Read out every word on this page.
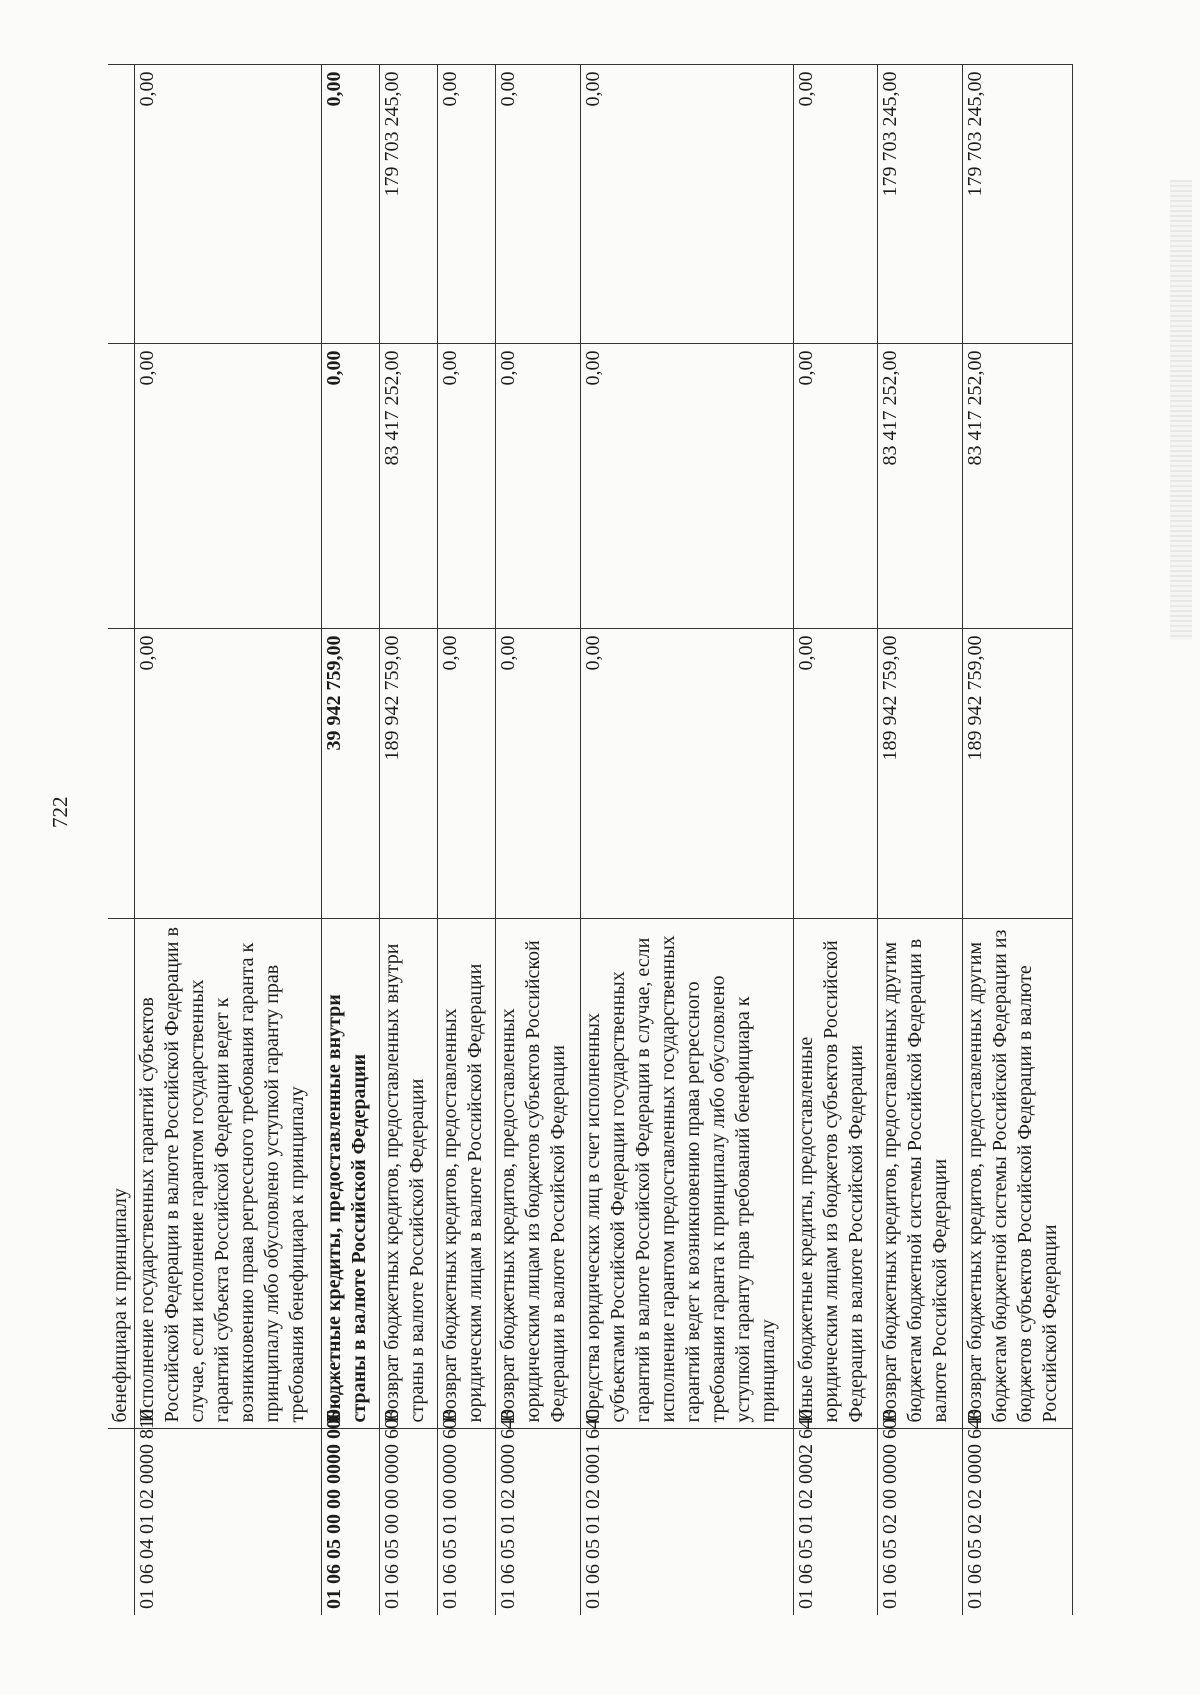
722
	бенефициара к принципалу			
01 06 04 01 02 0000 810	Исполнение государственных гарантий субъектов Российской Федерации в валюте Российской Федерации в случае, если исполнение гарантом государственных гарантий субъекта Российской Федерации ведет к возникновению права регрессного требования гаранта к принципалу либо обусловлено уступкой гаранту прав требования бенефициара к принципалу	0,00	0,00	0,00
01 06 05 00 00 0000 000	Бюджетные кредиты, предоставленные внутри страны в валюте Российской Федерации	39 942 759,00	0,00	0,00
01 06 05 00 00 0000 600	Возврат бюджетных кредитов, предоставленных внутри страны в валюте Российской Федерации	189 942 759,00	83 417 252,00	179 703 245,00
01 06 05 01 00 0000 600	Возврат бюджетных кредитов, предоставленных юридическим лицам в валюте Российской Федерации	0,00	0,00	0,00
01 06 05 01 02 0000 640	Возврат бюджетных кредитов, предоставленных юридическим лицам из бюджетов субъектов Российской Федерации в валюте Российской Федерации	0,00	0,00	0,00
01 06 05 01 02 0001 640	Средства юридических лиц в счет исполненных субъектами Российской Федерации государственных гарантий в валюте Российской Федерации в случае, если исполнение гарантом предоставленных государственных гарантий ведет к возникновению права регрессного требования гаранта к принципалу либо обусловлено уступкой гаранту прав требований бенефициара к принципалу	0,00	0,00	0,00
01 06 05 01 02 0002 640	Иные бюджетные кредиты, предоставленные юридическим лицам из бюджетов субъектов Российской Федерации в валюте Российской Федерации	0,00	0,00	0,00
01 06 05 02 00 0000 600	Возврат бюджетных кредитов, предоставленных другим бюджетам бюджетной системы Российской Федерации в валюте Российской Федерации	189 942 759,00	83 417 252,00	179 703 245,00
01 06 05 02 02 0000 640	Возврат бюджетных кредитов, предоставленных другим бюджетам бюджетной системы Российской Федерации из бюджетов субъектов Российской Федерации в валюте Российской Федерации	189 942 759,00	83 417 252,00	179 703 245,00
